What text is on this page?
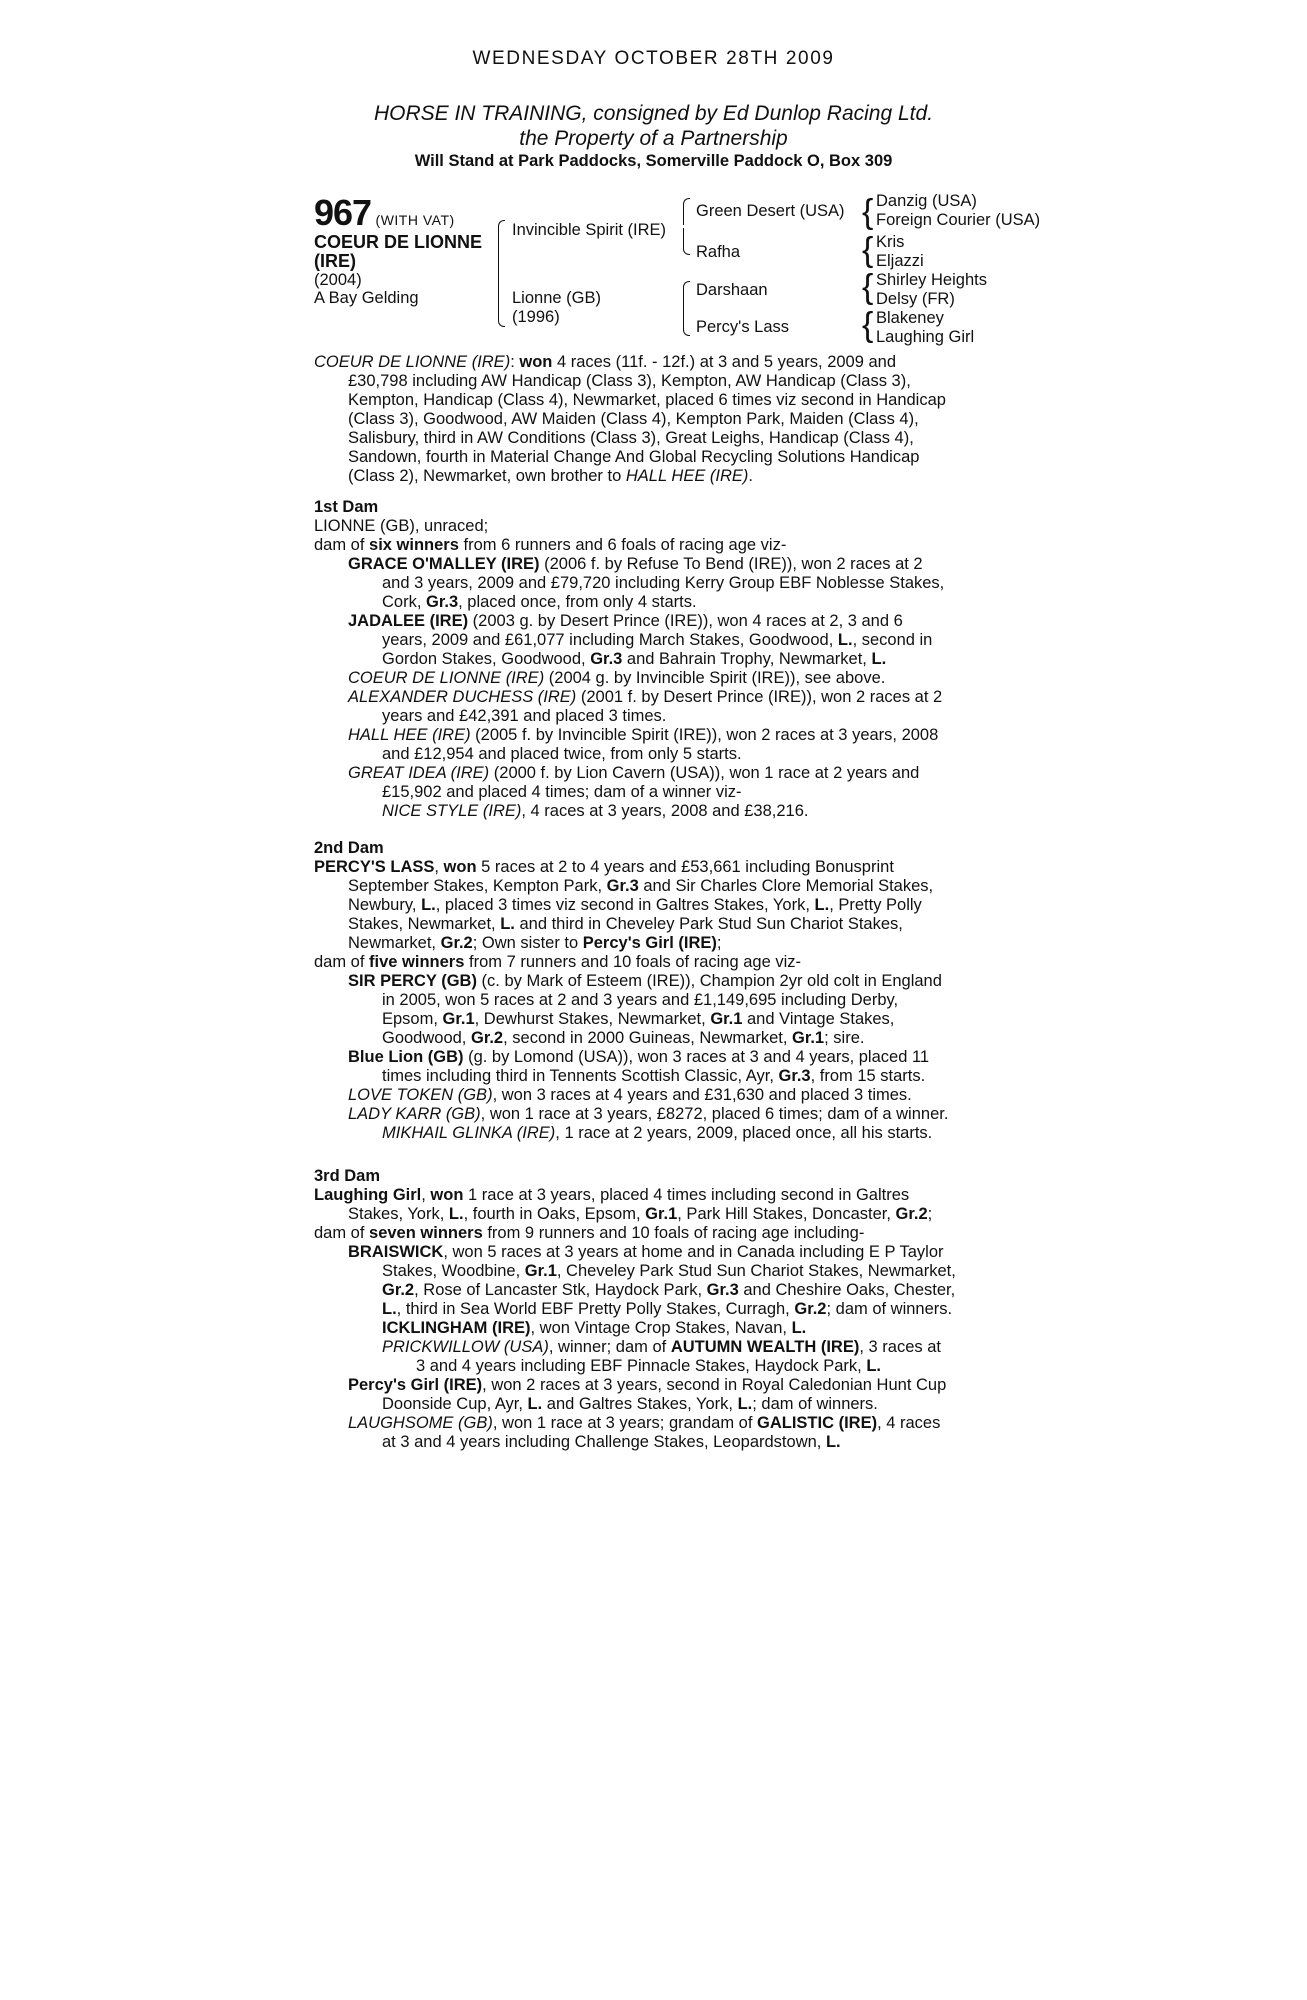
WEDNESDAY OCTOBER 28TH 2009
HORSE IN TRAINING, consigned by Ed Dunlop Racing Ltd.
the Property of a Partnership
Will Stand at Park Paddocks, Somerville Paddock O, Box 309
967 (WITH VAT)
COEUR DE LIONNE
(IRE)
(2004)
A Bay Gelding
Invincible Spirit (IRE)
Lionne (GB)
(1996)
Green Desert (USA)
Rafha
Darshaan
Percy's Lass
{
{
{
{
Danzig (USA)
Foreign Courier (USA)
Kris
Eljazzi
Shirley Heights
Delsy (FR)
Blakeney
Laughing Girl
COEUR DE LIONNE (IRE): won 4 races (11f. - 12f.) at 3 and 5 years, 2009 and
£30,798 including AW Handicap (Class 3), Kempton, AW Handicap (Class 3),
Kempton, Handicap (Class 4), Newmarket, placed 6 times viz second in Handicap
(Class 3), Goodwood, AW Maiden (Class 4), Kempton Park, Maiden (Class 4),
Salisbury, third in AW Conditions (Class 3), Great Leighs, Handicap (Class 4),
Sandown, fourth in Material Change And Global Recycling Solutions Handicap
(Class 2), Newmarket, own brother to HALL HEE (IRE).
1st Dam
LIONNE (GB), unraced;
dam of six winners from 6 runners and 6 foals of racing age viz-
GRACE O'MALLEY (IRE) (2006 f. by Refuse To Bend (IRE)), won 2 races at 2
and 3 years, 2009 and £79,720 including Kerry Group EBF Noblesse Stakes,
Cork, Gr.3, placed once, from only 4 starts.
JADALEE (IRE) (2003 g. by Desert Prince (IRE)), won 4 races at 2, 3 and 6
years, 2009 and £61,077 including March Stakes, Goodwood, L., second in
Gordon Stakes, Goodwood, Gr.3 and Bahrain Trophy, Newmarket, L.
COEUR DE LIONNE (IRE) (2004 g. by Invincible Spirit (IRE)), see above.
ALEXANDER DUCHESS (IRE) (2001 f. by Desert Prince (IRE)), won 2 races at 2
years and £42,391 and placed 3 times.
HALL HEE (IRE) (2005 f. by Invincible Spirit (IRE)), won 2 races at 3 years, 2008
and £12,954 and placed twice, from only 5 starts.
GREAT IDEA (IRE) (2000 f. by Lion Cavern (USA)), won 1 race at 2 years and
£15,902 and placed 4 times; dam of a winner viz-
NICE STYLE (IRE), 4 races at 3 years, 2008 and £38,216.
2nd Dam
PERCY'S LASS, won 5 races at 2 to 4 years and £53,661 including Bonusprint
September Stakes, Kempton Park, Gr.3 and Sir Charles Clore Memorial Stakes,
Newbury, L., placed 3 times viz second in Galtres Stakes, York, L., Pretty Polly
Stakes, Newmarket, L. and third in Cheveley Park Stud Sun Chariot Stakes,
Newmarket, Gr.2; Own sister to Percy's Girl (IRE);
dam of five winners from 7 runners and 10 foals of racing age viz-
SIR PERCY (GB) (c. by Mark of Esteem (IRE)), Champion 2yr old colt in England
in 2005, won 5 races at 2 and 3 years and £1,149,695 including Derby,
Epsom, Gr.1, Dewhurst Stakes, Newmarket, Gr.1 and Vintage Stakes,
Goodwood, Gr.2, second in 2000 Guineas, Newmarket, Gr.1; sire.
Blue Lion (GB) (g. by Lomond (USA)), won 3 races at 3 and 4 years, placed 11
times including third in Tennents Scottish Classic, Ayr, Gr.3, from 15 starts.
LOVE TOKEN (GB), won 3 races at 4 years and £31,630 and placed 3 times.
LADY KARR (GB), won 1 race at 3 years, £8272, placed 6 times; dam of a winner.
MIKHAIL GLINKA (IRE), 1 race at 2 years, 2009, placed once, all his starts.
3rd Dam
Laughing Girl, won 1 race at 3 years, placed 4 times including second in Galtres
Stakes, York, L., fourth in Oaks, Epsom, Gr.1, Park Hill Stakes, Doncaster, Gr.2;
dam of seven winners from 9 runners and 10 foals of racing age including-
BRAISWICK, won 5 races at 3 years at home and in Canada including E P Taylor
Stakes, Woodbine, Gr.1, Cheveley Park Stud Sun Chariot Stakes, Newmarket,
Gr.2, Rose of Lancaster Stk, Haydock Park, Gr.3 and Cheshire Oaks, Chester,
L., third in Sea World EBF Pretty Polly Stakes, Curragh, Gr.2; dam of winners.
ICKLINGHAM (IRE), won Vintage Crop Stakes, Navan, L.
PRICKWILLOW (USA), winner; dam of AUTUMN WEALTH (IRE), 3 races at
3 and 4 years including EBF Pinnacle Stakes, Haydock Park, L.
Percy's Girl (IRE), won 2 races at 3 years, second in Royal Caledonian Hunt Cup
Doonside Cup, Ayr, L. and Galtres Stakes, York, L.; dam of winners.
LAUGHSOME (GB), won 1 race at 3 years; grandam of GALISTIC (IRE), 4 races
at 3 and 4 years including Challenge Stakes, Leopardstown, L.
